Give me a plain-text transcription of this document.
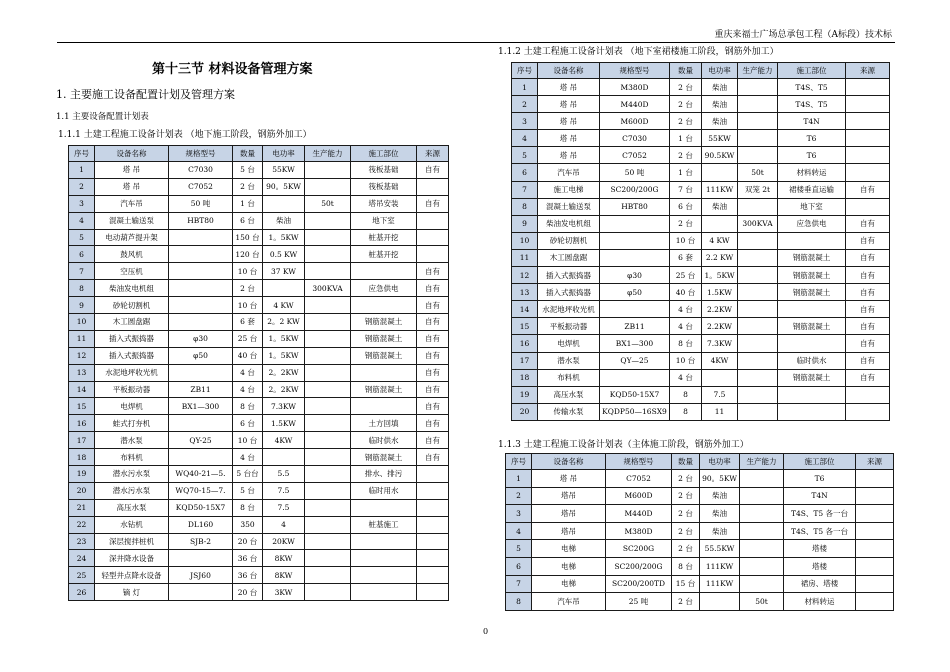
重庆来福士广场总承包工程（A标段）技术标
第十三节 材料设备管理方案
1. 主要施工设备配置计划及管理方案
1.1 主要设备配置计划表
1.1.1 土建工程施工设备计划表 （地下施工阶段，钢筋外加工）
序号	设备名称	规格型号	数量	电功率	生产能力	施工部位	来源
1	塔 吊	C7030	5 台	55KW		筏板基础	自有
2	塔 吊	C7052	2 台	90。5KW		筏板基础	
3	汽车吊	50 吨	1 台		50t	塔吊安装	自有
4	混凝土输送泵	HBT80	6 台	柴油		地下室	
5	电动葫芦提升架		150 台	1。5KW		桩基开挖	
6	鼓风机		120 台	0.5 KW		桩基开挖	
7	空压机		10 台	37 KW			自有
8	柴油发电机组		2 台		300KVA	应急供电	自有
9	砂轮切割机		10 台	4 KW			自有
10	木工圆盘踞		6 套	2。2 KW		钢筋混凝土	自有
11	插入式振捣器	φ30	25 台	1。5KW		钢筋混凝土	自有
12	插入式振捣器	φ50	40 台	1。5KW		钢筋混凝土	自有
13	水泥地坪收光机		4 台	2。2KW			自有
14	平板振动器	ZB11	4 台	2。2KW		钢筋混凝土	自有
15	电焊机	BX1—300	8 台	7.3KW			自有
16	蛙式打夯机		6 台	1.5KW		土方回填	自有
17	潜水泵	QY-25	10 台	4KW		临时供水	自有
18	布料机		4 台			钢筋混凝土	自有
19	潜水污水泵	WQ40-21—5.	5 台台	5.5		排水、排污	
20	潜水污水泵	WQ70-15—7.	5 台	7.5		临时用水	
21	高压水泵	KQD50-15X7	8 台	7.5			
22	水钻机	DL160	350	4		桩基施工	
23	深层搅拌桩机	SJB-2	20 台	20KW			
24	深井降水设备		36 台	8KW			
25	轻型井点降水设备	JSJ60	36 台	8KW			
26	镝 灯		20 台	3KW			
1.1.2 土建工程施工设备计划表 （地下室裙楼施工阶段，钢筋外加工）
序号	设备名称	规格型号	数量	电功率	生产能力	施工部位	来源
1	塔 吊	M380D	2 台	柴油		T4S、T5	
2	塔 吊	M440D	2 台	柴油		T4S、T5	
3	塔 吊	M600D	2 台	柴油		T4N	
4	塔 吊	C7030	1 台	55KW		T6	
5	塔 吊	C7052	2 台	90.5KW		T6	
6	汽车吊	50 吨	1 台		50t	材料转运	
7	施工电梯	SC200/200G	7 台	111KW	双笼 2t	裙楼垂直运输	自有
8	混凝土输送泵	HBT80	6 台	柴油		地下室	
9	柴油发电机组		2 台		300KVA	应急供电	自有
10	砂轮切割机		10 台	4 KW			自有
11	木工圆盘踞		6 套	2.2 KW		钢筋混凝土	自有
12	插入式振捣器	φ30	25 台	1。5KW		钢筋混凝土	自有
13	插入式振捣器	φ50	40 台	1.5KW		钢筋混凝土	自有
14	水泥地坪收光机		4 台	2.2KW			自有
15	平板振动器	ZB11	4 台	2.2KW		钢筋混凝土	自有
16	电焊机	BX1—300	8 台	7.3KW			自有
17	潜水泵	QY—25	10 台	4KW		临时供水	自有
18	布料机		4 台			钢筋混凝土	自有
19	高压水泵	KQD50-15X7	8	7.5			
20	传输水泵	KQDP50—16SX9	8	11			
1.1.3 土建工程施工设备计划表（主体施工阶段，钢筋外加工）
序号	设备名称	规格型号	数量	电功率	生产能力	施工部位	来源
1	塔 吊	C7052	2 台	90。5KW		T6	
2	塔吊	M600D	2 台	柴油		T4N	
3	塔吊	M440D	2 台	柴油		T4S、T5 各一台	
4	塔吊	M380D	2 台	柴油		T4S、T5 各一台	
5	电梯	SC200G	2 台	55.5KW		塔楼	
6	电梯	SC200/200G	8 台	111KW		塔楼	
7	电梯	SC200/200TD	15 台	111KW		裙房、塔楼	
8	汽车吊	25 吨	2 台		50t	材料转运	
0
